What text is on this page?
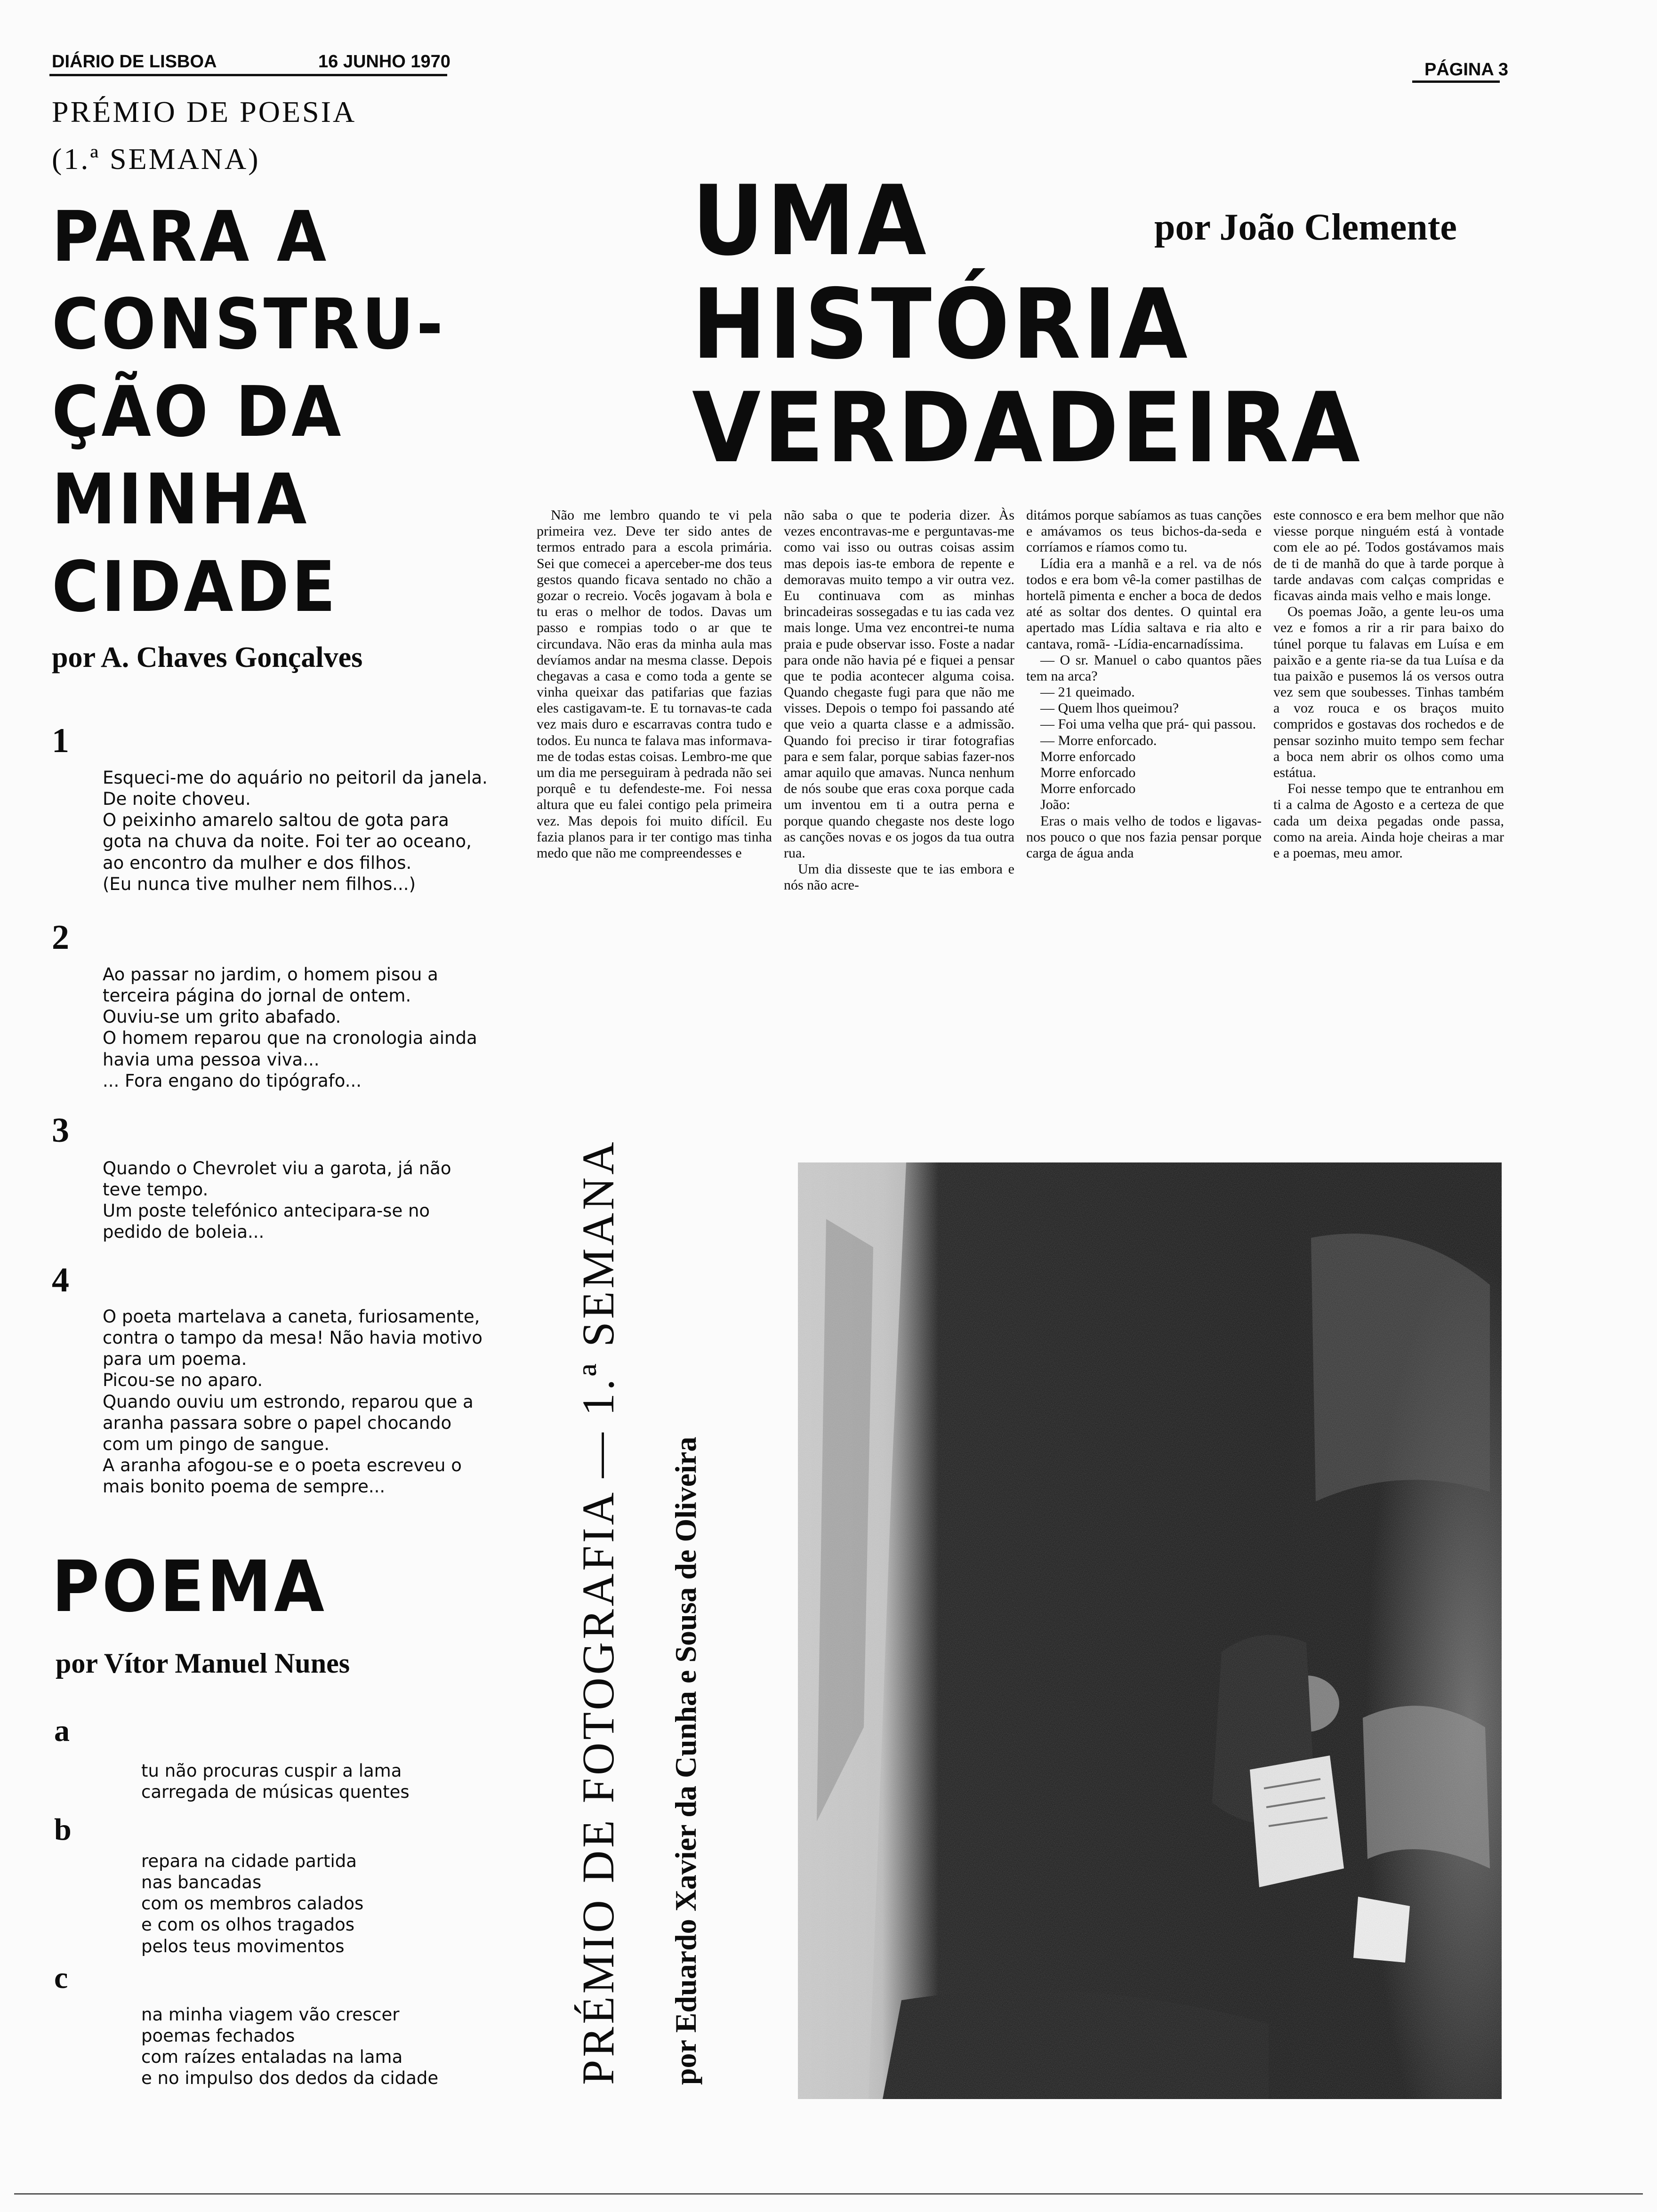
DIÁRIO DE LISBOA	16 JUNHO 1970	PÁGINA 3
PRÉMIO DE POESIA
(1.ª SEMANA)
PARA A
CONSTRU-
ÇÃO DA
MINHA
CIDADE
por A. Chaves Gonçalves
1
Esqueci-me do aquário no peitoril da janela.
De noite choveu.
O peixinho amarelo saltou de gota para gota na chuva da noite. Foi ter ao oceano, ao encontro da mulher e dos filhos.
(Eu nunca tive mulher nem filhos...)
2
Ao passar no jardim, o homem pisou a terceira página do jornal de ontem.
Ouviu-se um grito abafado.
O homem reparou que na cronologia ainda havia uma pessoa viva...
... Fora engano do tipógrafo...
3
Quando o Chevrolet viu a garota, já não teve tempo.
Um poste telefónico antecipara-se no pedido de boleia...
4
O poeta martelava a caneta, furiosamente, contra o tampo da mesa! Não havia motivo para um poema.
Picou-se no aparo.
Quando ouviu um estrondo, reparou que a aranha passara sobre o papel chocando com um pingo de sangue.
A aranha afogou-se e o poeta escreveu o mais bonito poema de sempre...
POEMA
por Vítor Manuel Nunes
a
tu não procuras cuspir a lama
carregada de músicas quentes
b
repara na cidade partida
nas bancadas
com os membros calados
e com os olhos tragados
pelos teus movimentos
c
na minha viagem vão crescer
poemas fechados
com raízes entaladas na lama
e no impulso dos dedos da cidade
UMA
HISTÓRIA
VERDADEIRA
por João Clemente

Não me lembro quando te vi pela primeira vez. Deve ter sido antes de termos entrado para a escola primária. Sei que comecei a aperceber-me dos teus gestos quando ficava sentado no chão a gozar o recreio. Vocês jogavam à bola e tu eras o melhor de todos. Davas um passo e rompias todo o ar que te circundava. Não eras da minha aula mas devíamos andar na mesma classe. Depois chegavas a casa e como toda a gente se vinha queixar das patifarias que fazias eles castigavam-te. E tu tornavas-te cada vez mais duro e escarravas contra tudo e todos. Eu nunca te falava mas informava-me de todas estas coisas. Lembro-me que um dia me perseguiram à pedrada não sei porquê e tu defendeste-me. Foi nessa altura que eu falei contigo pela primeira vez. Mas depois foi muito difícil. Eu fazia planos para ir ter contigo mas tinha medo que não me compreendesses e

não saba o que te poderia dizer. Às vezes encontravas-me e perguntavas-me como vai isso ou outras coisas assim mas depois ias-te embora de repente e demoravas muito tempo a vir outra vez. Eu continuava com as minhas brincadeiras sossegadas e tu ias cada vez mais longe. Uma vez encontrei-te numa praia e pude observar isso. Foste a nadar para onde não havia pé e fiquei a pensar que te podia acontecer alguma coisa. Quando chegaste fugi para que não me visses. Depois o tempo foi passando até que veio a quarta classe e a admissão. Quando foi preciso ir tirar fotografias para e sem falar, porque sabias fazer-nos amar aquilo que amavas. Nunca nenhum de nós soube que eras coxa porque cada um inventou em ti a outra perna e porque quando chegaste nos deste logo as canções novas e os jogos da tua outra rua.

Um dia disseste que te ias embora e nós não acre-

ditámos porque sabíamos as tuas canções e amávamos os teus bichos-da-seda e corríamos e ríamos como tu.

Lídia era a manhã e a rel. va de nós todos e era bom vê-la comer pastilhas de hortelã pimenta e encher a boca de dedos até as soltar dos dentes. O quintal era apertado mas Lídia saltava e ria alto e cantava, romã- -Lídia-encarnadíssima.

— O sr. Manuel o cabo quantos pães tem na arca?

— 21 queimado.

— Quem lhos queimou?

— Foi uma velha que prá- qui passou.

— Morre enforcado.

Morre enforcado

Morre enforcado

Morre enforcado

João:

Eras o mais velho de todos e ligavas-nos pouco o que nos fazia pensar porque carga de água anda

este connosco e era bem melhor que não viesse porque ninguém está à vontade com ele ao pé. Todos gostávamos mais de ti de manhã do que à tarde porque à tarde andavas com calças compridas e ficavas ainda mais velho e mais longe.

Os poemas João, a gente leu-os uma vez e fomos a rir a rir para baixo do túnel porque tu falavas em Luísa e em paixão e a gente ria-se da tua Luísa e da tua paixão e pusemos lá os versos outra vez sem que soubesses. Tinhas também a voz rouca e os braços muito compridos e gostavas dos rochedos e de pensar sozinho muito tempo sem fechar a boca nem abrir os olhos como uma estátua.

Foi nesse tempo que te entranhou em ti a calma de Agosto e a certeza de que cada um deixa pegadas onde passa, como na areia. Ainda hoje cheiras a mar e a poemas, meu amor.

PRÉMIO DE FOTOGRAFIA — 1.ª SEMANA por Eduardo Xavier da Cunha e Sousa de Oliveira
